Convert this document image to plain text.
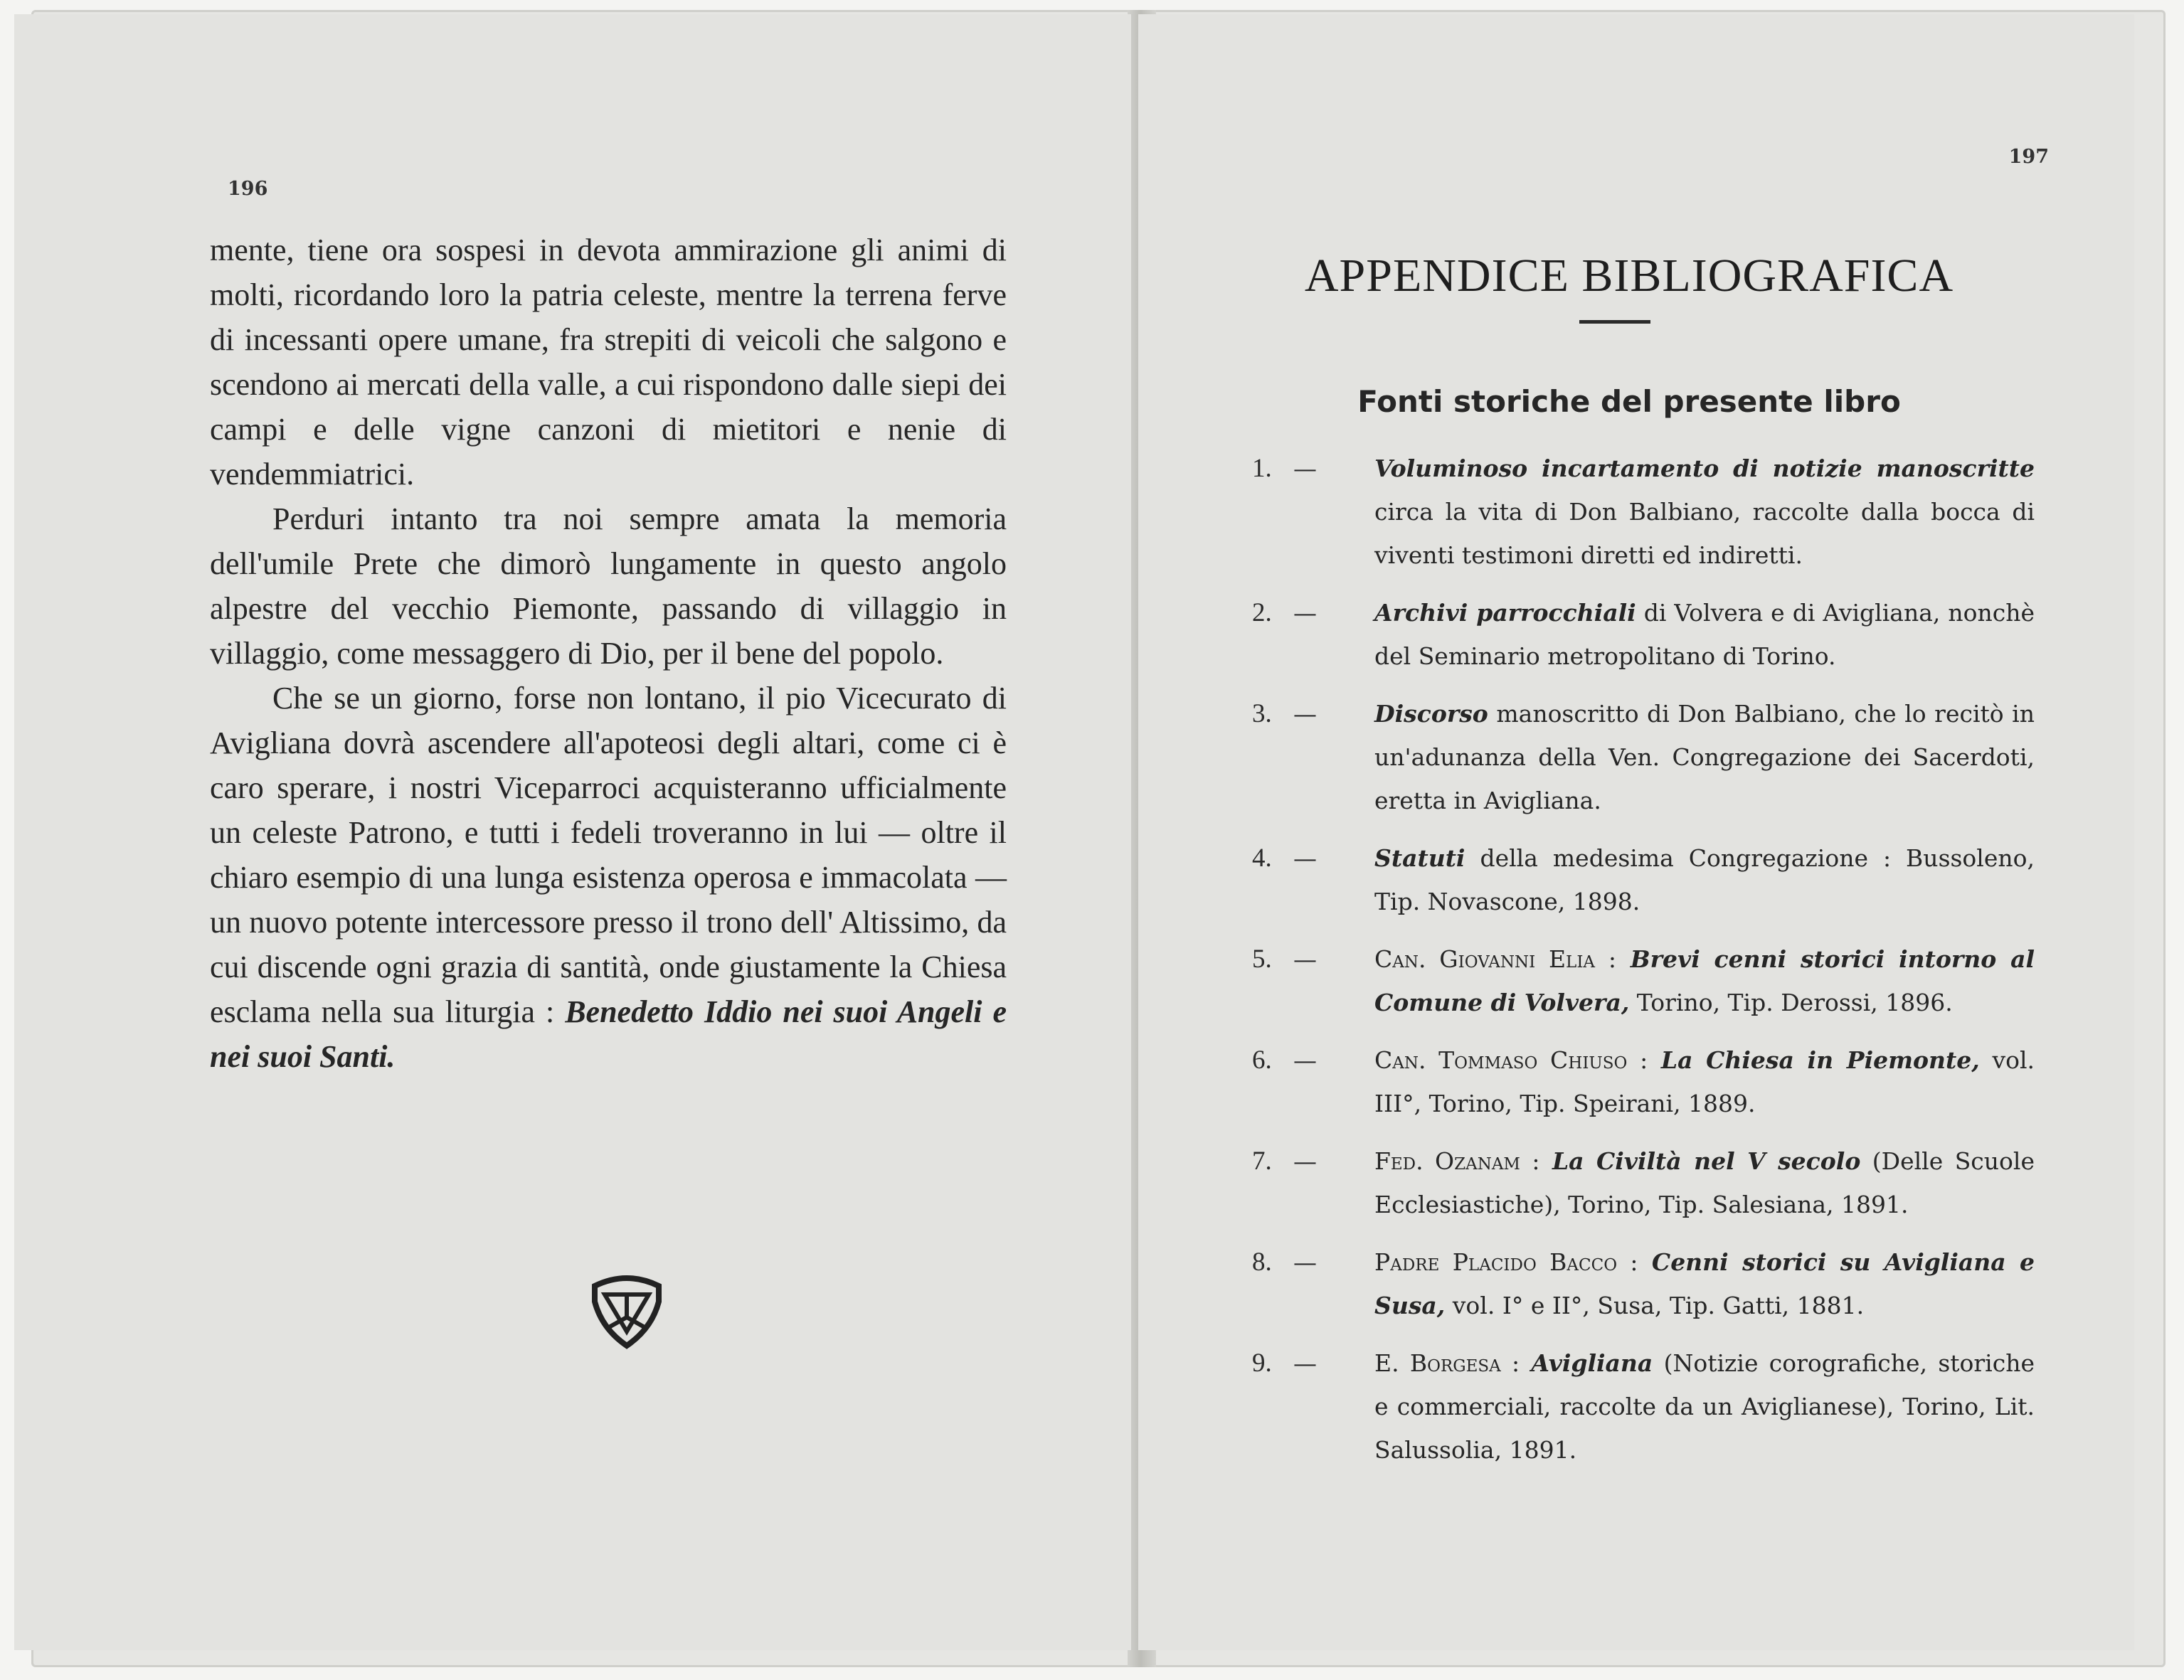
196

mente, tiene ora sospesi in devota ammirazione gli animi di molti, ricordando loro la patria celeste, mentre la terrena ferve di incessanti opere umane, fra strepiti di veicoli che salgono e scendono ai mercati della valle, a cui rispondono dalle siepi dei campi e delle vigne canzoni di mietitori e nenie di vendemmiatrici.

Perduri intanto tra noi sempre amata la memoria dell'umile Prete che dimorò lungamente in questo angolo alpestre del vecchio Piemonte, passando di villaggio in villaggio, come messaggero di Dio, per il bene del popolo.

Che se un giorno, forse non lontano, il pio Vicecurato di Avigliana dovrà ascendere all'apoteosi degli altari, come ci è caro sperare, i nostri Viceparroci acquisteranno ufficialmente un celeste Patrono, e tutti i fedeli troveranno in lui — oltre il chiaro esempio di una lunga esistenza operosa e immacolata — un nuovo potente intercessore presso il trono dell' Altissimo, da cui discende ogni grazia di santità, onde giustamente la Chiesa esclama nella sua liturgia : Benedetto Iddio nei suoi Angeli e nei suoi Santi.

197
APPENDICE BIBLIOGRAFICA
Fonti storiche del presente libro
1. — Voluminoso incartamento di notizie manoscritte circa la vita di Don Balbiano, raccolte dalla bocca di viventi testimoni diretti ed indiretti.
2. — Archivi parrocchiali di Volvera e di Avigliana, nonchè del Seminario metropolitano di Torino.
3. — Discorso manoscritto di Don Balbiano, che lo recitò in un'adunanza della Ven. Congregazione dei Sacerdoti, eretta in Avigliana.
4. — Statuti della medesima Congregazione : Bussoleno, Tip. Novascone, 1898.
5. — Can. Giovanni Elia : Brevi cenni storici intorno al Comune di Volvera, Torino, Tip. Derossi, 1896.
6. — Can. Tommaso Chiuso : La Chiesa in Piemonte, vol. III°, Torino, Tip. Speirani, 1889.
7. — Fed. Ozanam : La Civiltà nel V secolo (Delle Scuole Ecclesiastiche), Torino, Tip. Salesiana, 1891.
8. — Padre Placido Bacco : Cenni storici su Avigliana e Susa, vol. I° e II°, Susa, Tip. Gatti, 1881.
9. — E. Borgesa : Avigliana (Notizie corografiche, storiche e commerciali, raccolte da un Aviglianese), Torino, Lit. Salussolia, 1891.
